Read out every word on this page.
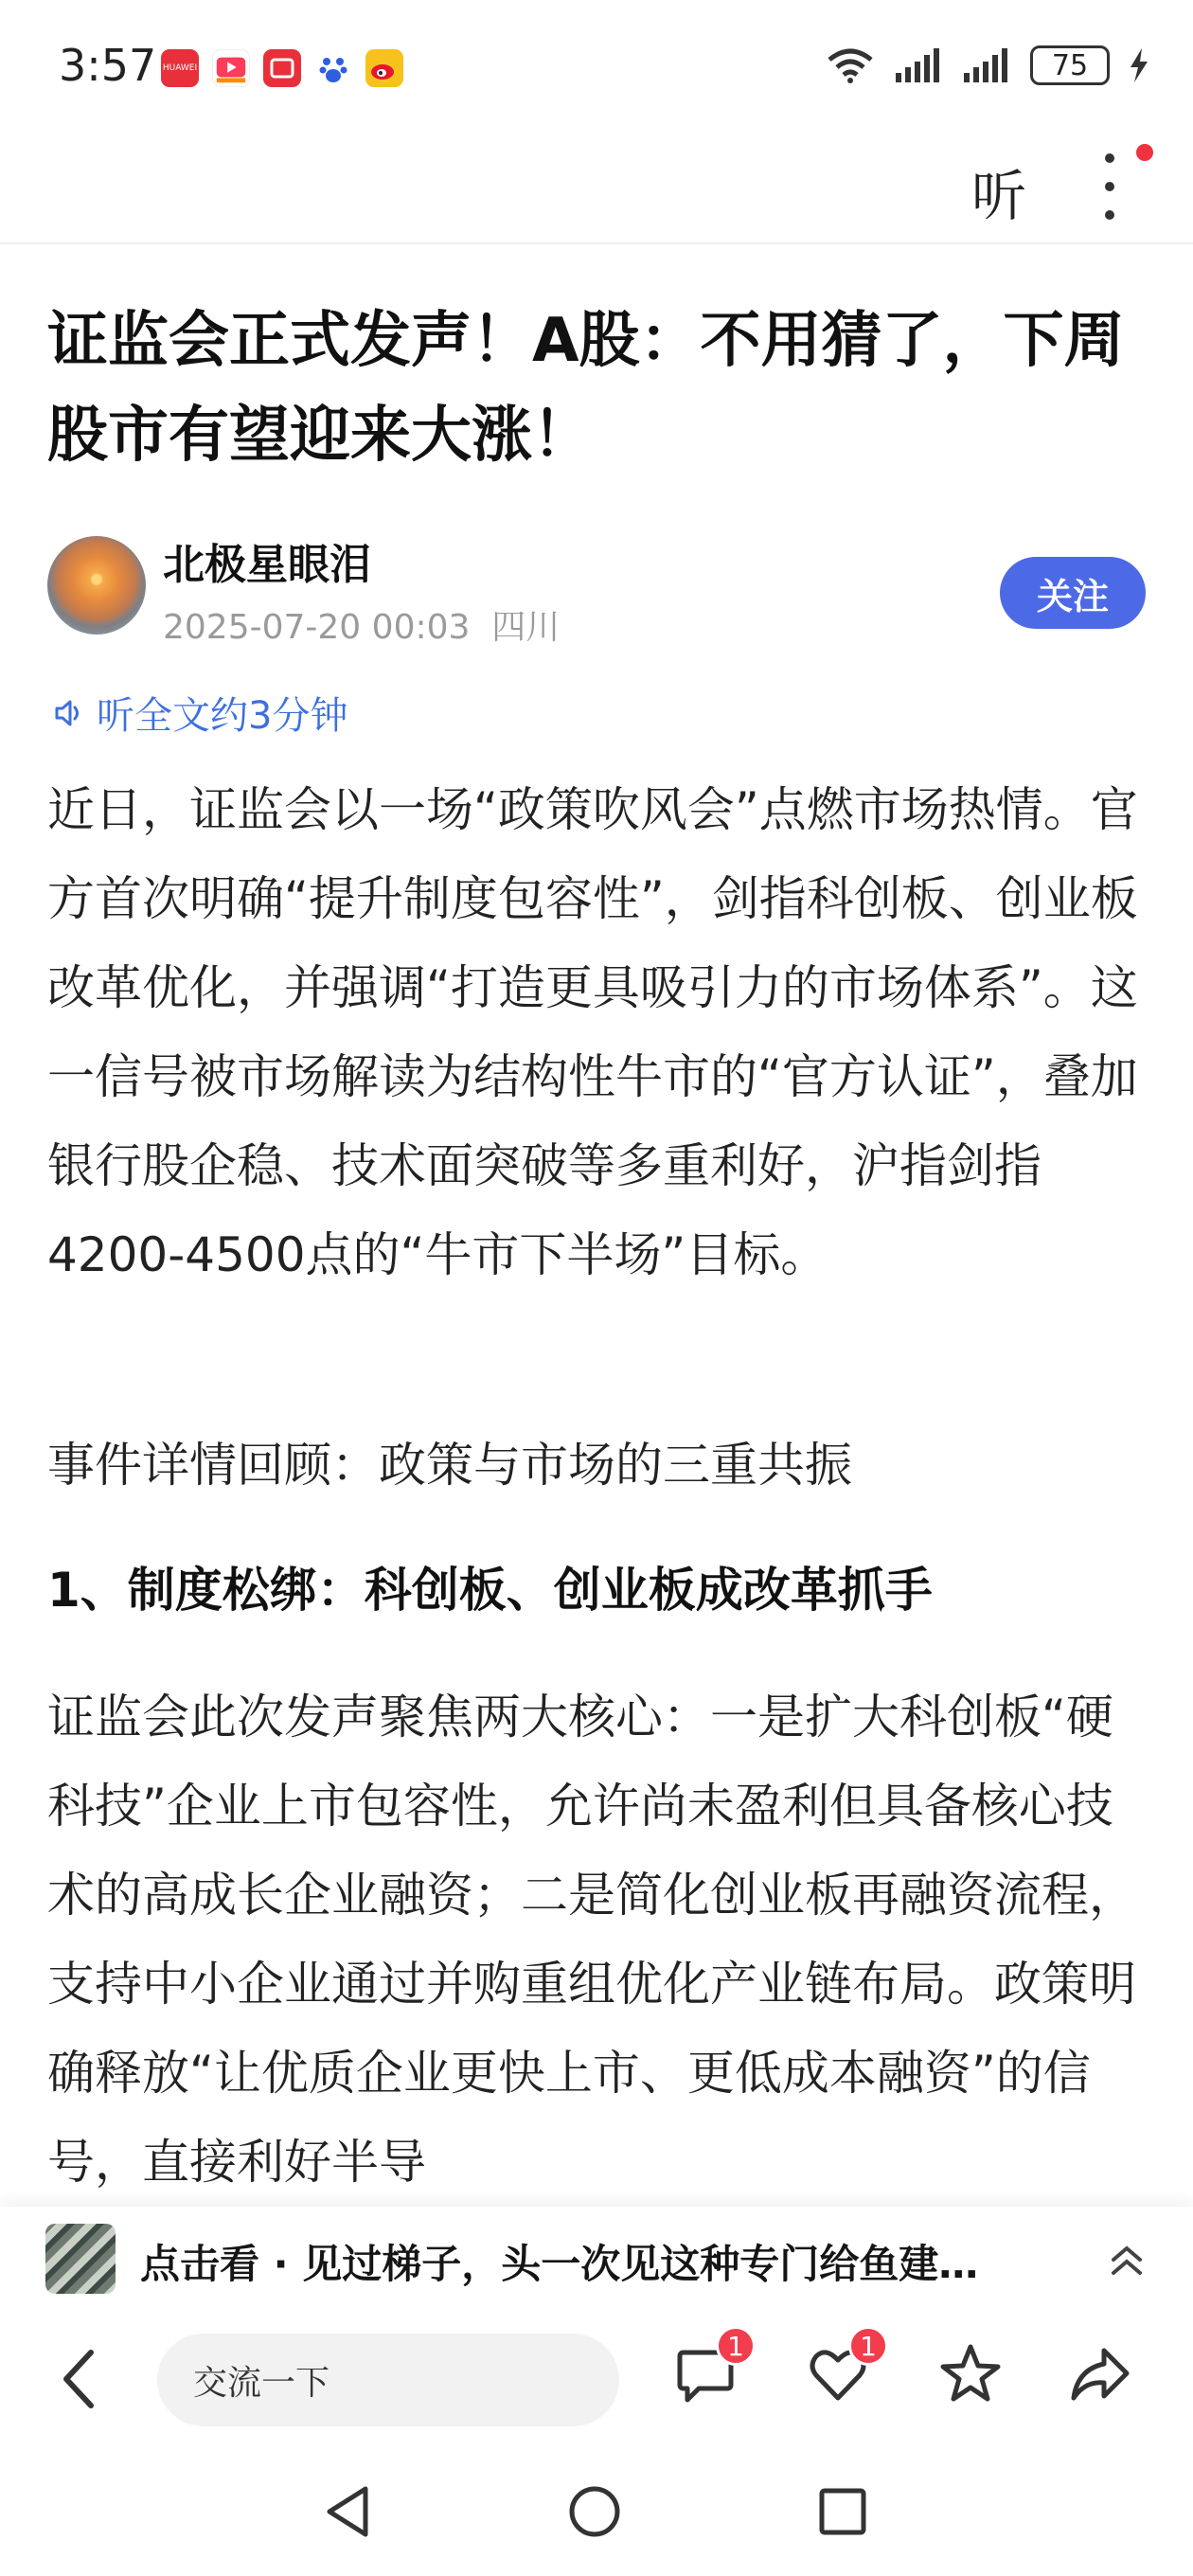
3:57 HUAWEI	75
听
证监会正式发声！A股：不用猜了，下周股市有望迎来大涨！
北极星眼泪
2025-07-20 00:03 四川
关注
听全文约3分钟

近日，证监会以一场“政策吹风会”点燃市场热情。官方首次明确“提升制度包容性”，剑指科创板、创业板改革优化，并强调“打造更具吸引力的市场体系”。这一信号被市场解读为结构性牛市的“官方认证”，叠加银行股企稳、技术面突破等多重利好，沪指剑指4200-4500点的“牛市下半场”目标。

事件详情回顾：政策与市场的三重共振

1、制度松绑：科创板、创业板成改革抓手

证监会此次发声聚焦两大核心：一是扩大科创板“硬科技”企业上市包容性，允许尚未盈利但具备核心技术的高成长企业融资；二是简化创业板再融资流程，支持中小企业通过并购重组优化产业链布局。政策明确释放“让优质企业更快上市、更低成本融资”的信号，直接利好半导

点击看 · 见过梯子，头一次见这种专门给鱼建…
交流一下
1	1
